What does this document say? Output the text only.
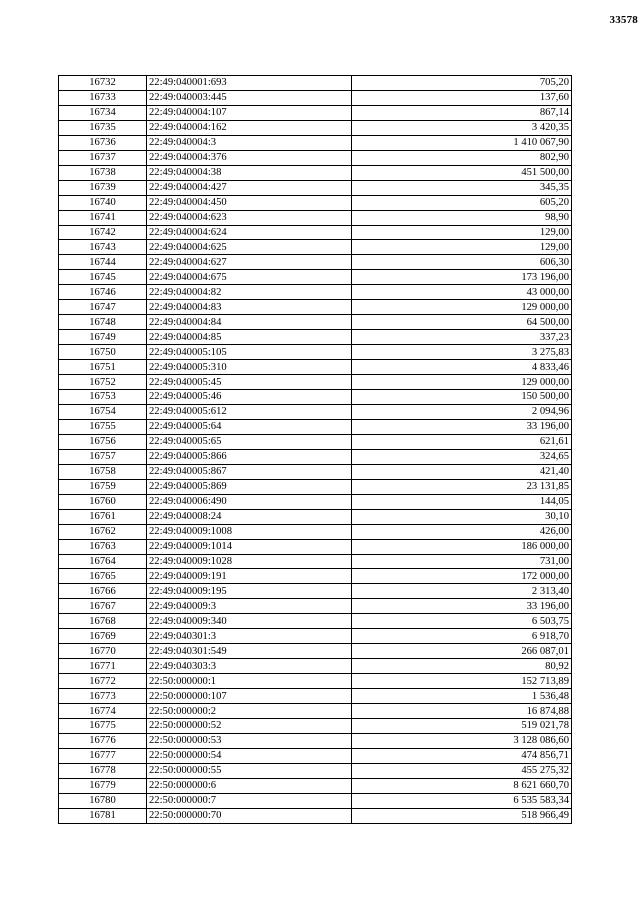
33578
16732	22:49:040001:693	705,20
16733	22:49:040003:445	137,60
16734	22:49:040004:107	867,14
16735	22:49:040004:162	3 420,35
16736	22:49:040004:3	1 410 067,90
16737	22:49:040004:376	802,90
16738	22:49:040004:38	451 500,00
16739	22:49:040004:427	345,35
16740	22:49:040004:450	605,20
16741	22:49:040004:623	98,90
16742	22:49:040004:624	129,00
16743	22:49:040004:625	129,00
16744	22:49:040004:627	606,30
16745	22:49:040004:675	173 196,00
16746	22:49:040004:82	43 000,00
16747	22:49:040004:83	129 000,00
16748	22:49:040004:84	64 500,00
16749	22:49:040004:85	337,23
16750	22:49:040005:105	3 275,83
16751	22:49:040005:310	4 833,46
16752	22:49:040005:45	129 000,00
16753	22:49:040005:46	150 500,00
16754	22:49:040005:612	2 094,96
16755	22:49:040005:64	33 196,00
16756	22:49:040005:65	621,61
16757	22:49:040005:866	324,65
16758	22:49:040005:867	421,40
16759	22:49:040005:869	23 131,85
16760	22:49:040006:490	144,05
16761	22:49:040008:24	30,10
16762	22:49:040009:1008	426,00
16763	22:49:040009:1014	186 000,00
16764	22:49:040009:1028	731,00
16765	22:49:040009:191	172 000,00
16766	22:49:040009:195	2 313,40
16767	22:49:040009:3	33 196,00
16768	22:49:040009:340	6 503,75
16769	22:49:040301:3	6 918,70
16770	22:49:040301:549	266 087,01
16771	22:49:040303:3	80,92
16772	22:50:000000:1	152 713,89
16773	22:50:000000:107	1 536,48
16774	22:50:000000:2	16 874,88
16775	22:50:000000:52	519 021,78
16776	22:50:000000:53	3 128 086,60
16777	22:50:000000:54	474 856,71
16778	22:50:000000:55	455 275,32
16779	22:50:000000:6	8 621 660,70
16780	22:50:000000:7	6 535 583,34
16781	22:50:000000:70	518 966,49
